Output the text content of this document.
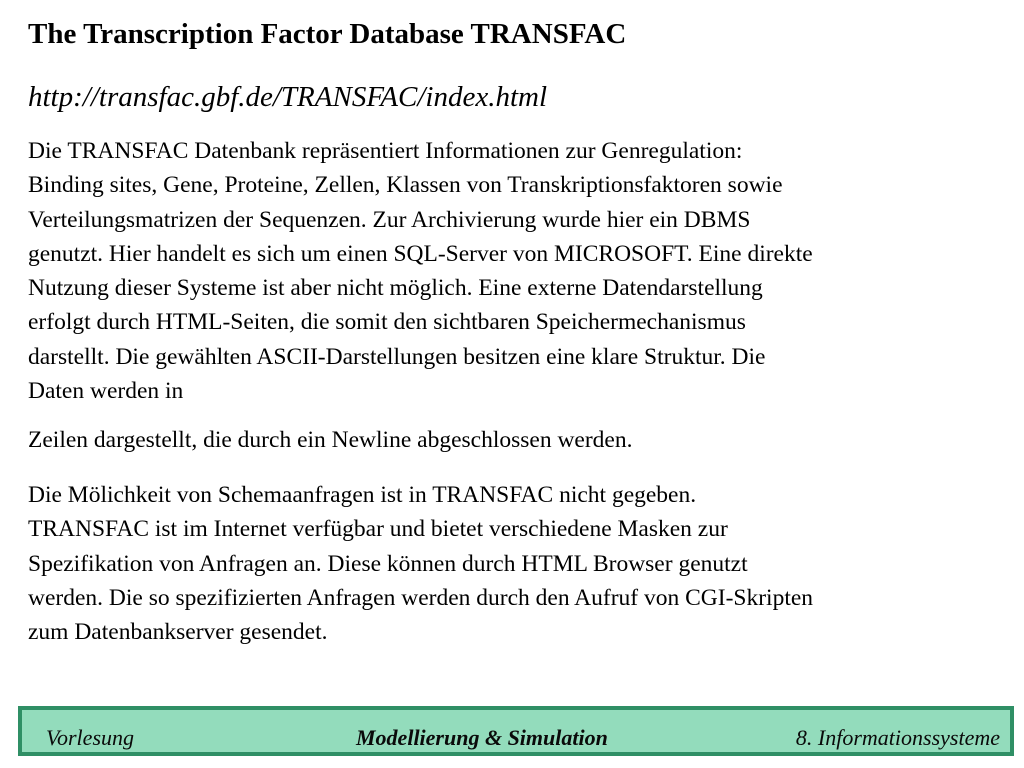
The Transcription Factor Database TRANSFAC
http://transfac.gbf.de/TRANSFAC/index.html
Die TRANSFAC Datenbank repräsentiert Informationen zur Genregulation:
Binding sites, Gene, Proteine, Zellen, Klassen von Transkriptionsfaktoren sowie
Verteilungsmatrizen der Sequenzen. Zur Archivierung wurde hier ein DBMS
genutzt. Hier handelt es sich um einen SQL-Server von MICROSOFT. Eine direkte
Nutzung dieser Systeme ist aber nicht möglich. Eine externe Datendarstellung
erfolgt durch HTML-Seiten, die somit den sichtbaren Speichermechanismus
darstellt. Die gewählten ASCII-Darstellungen besitzen eine klare Struktur. Die
Daten werden in
Zeilen dargestellt, die durch ein Newline abgeschlossen werden.
Die Mölichkeit von Schemaanfragen ist in TRANSFAC nicht gegeben.
TRANSFAC ist im Internet verfügbar und bietet verschiedene Masken zur
Spezifikation von Anfragen an. Diese können durch HTML Browser genutzt
werden. Die so spezifizierten Anfragen werden durch den Aufruf von CGI-Skripten
zum Datenbankserver gesendet.
Vorlesung	Modellierung & Simulation	8. Informationssysteme
